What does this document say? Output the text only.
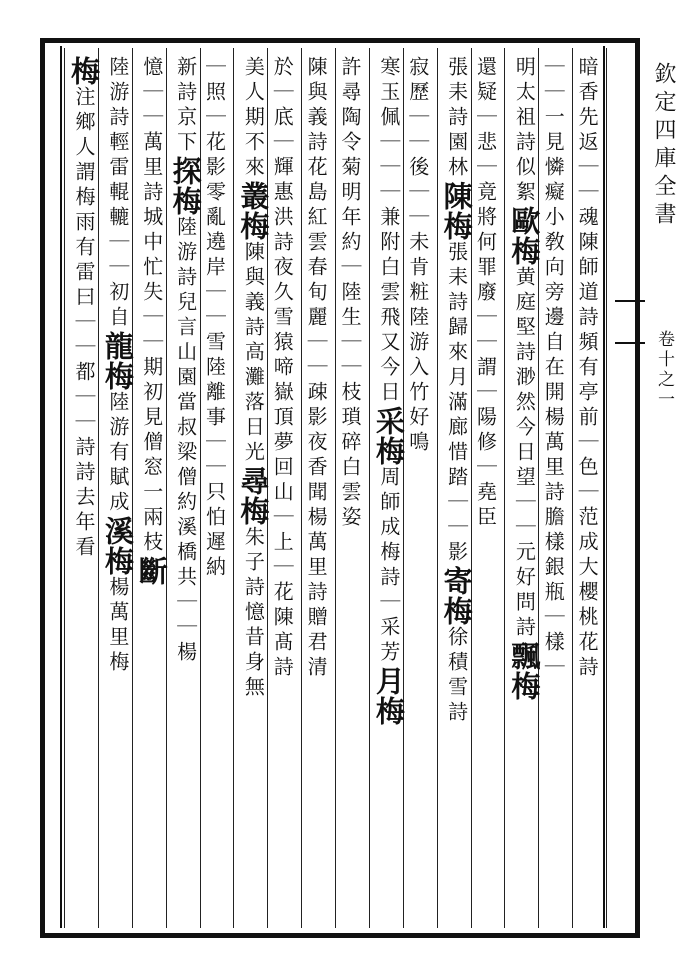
欽定四庫全書
卷十之一
暗香先返｜｜魂陳師道詩頻有亭前｜色｜范成大櫻桃花詩
｜｜一見憐癡小敎向旁邊自在開楊萬里詩膽樣銀瓶｜樣｜
明太祖詩似絮歐梅黄庭堅詩渺然今日望｜｜元好問詩飄梅
還疑｜悲｜竟將何罪廢｜｜謂｜陽修｜堯臣
張耒詩園林陳梅張耒詩歸來月滿廊惜踏｜｜影寄梅徐積雪詩
寂歷｜｜後｜｜未肯粧陸游入竹好鳴
寒玉佩｜｜｜兼附白雲飛又今日采梅周師成梅詩｜采芳月梅
許尋陶令菊明年約｜陸生｜｜枝瑣碎白雲姿
陳與義詩花島紅雲春旬麗｜｜疎影夜香聞楊萬里詩贈君清
於｜底｜輝惠洪詩夜久雪猿啼嶽頂夢回山｜上｜花陳髙詩
美人期不來叢梅陳與義詩高灘落日光尋梅朱子詩憶昔身無
｜照｜花影零亂遶岸｜｜雪陸離事｜｜只怕遲納
新詩京下探梅陸游詩兒言山園當叔梁僧約溪橋共｜｜楊
憶｜｜萬里詩城中忙失｜｜期初見僧窓一兩枝斷
陸游詩輕雷輥轆｜｜初自龍梅陸游有賦成溪梅楊萬里梅
梅注鄉人謂梅雨有雷曰｜｜都｜｜詩詩去年看
